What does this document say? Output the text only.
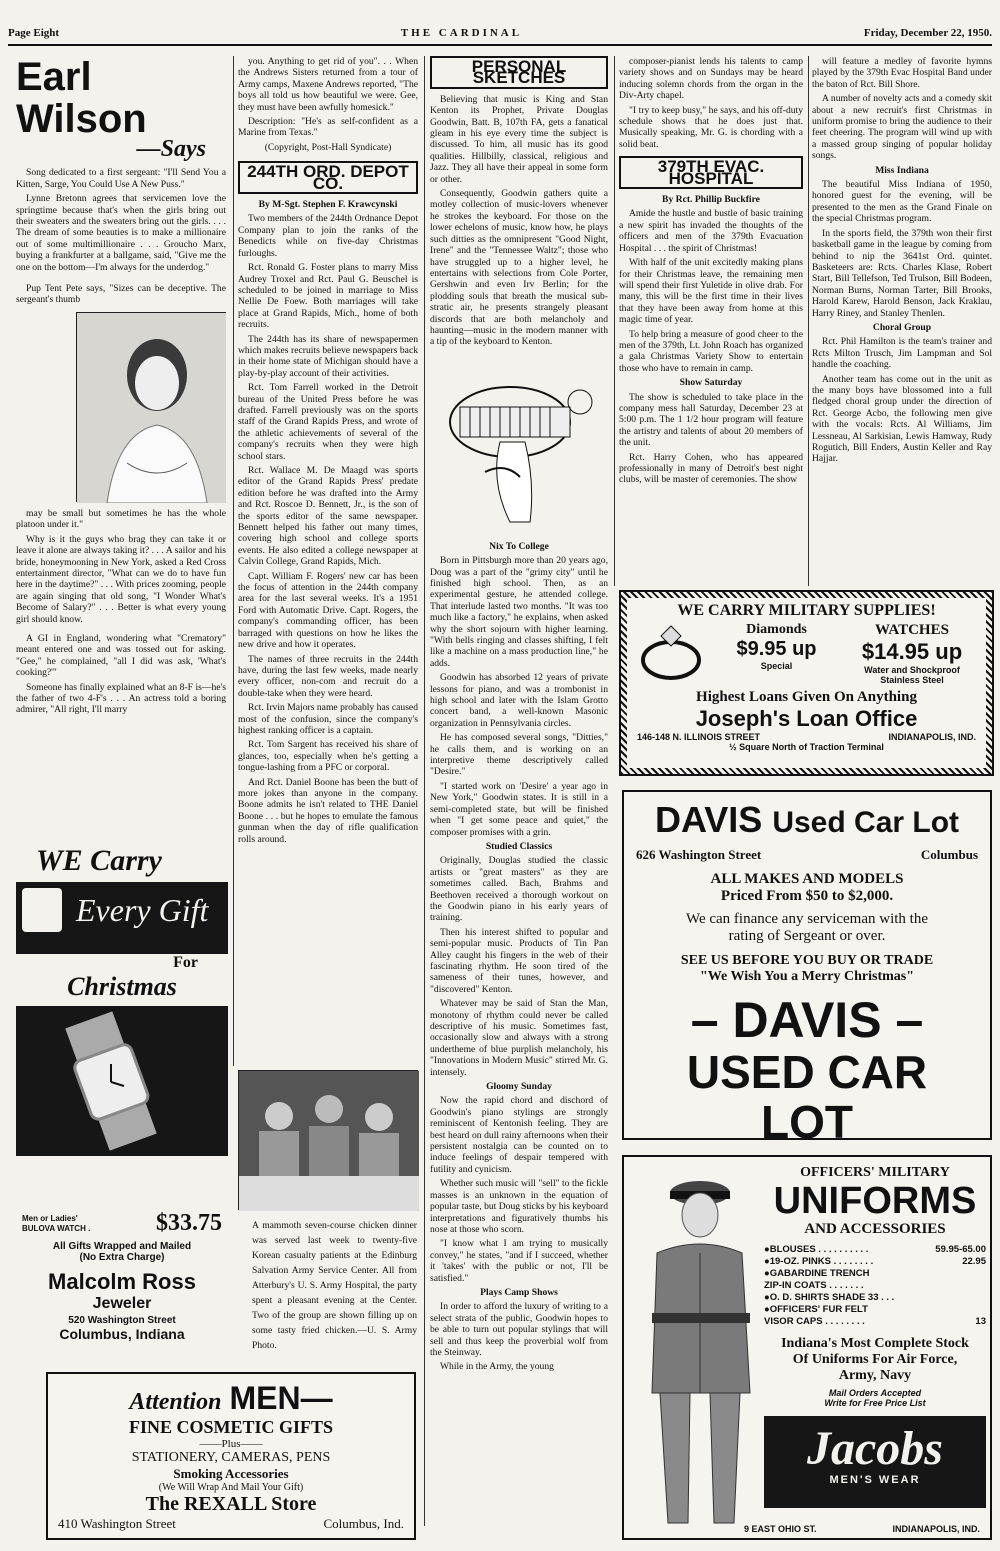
Page Eight	THE CARDINAL	Friday, December 22, 1950.
Earl Wilson
—Says

Song dedicated to a first sergeant: "I'll Send You a Kitten, Sarge, You Could Use A New Puss."

Lynne Bretonn agrees that servicemen love the springtime because that's when the girls bring out their sweaters and the sweaters bring out the girls. . . . The dream of some beauties is to make a millionaire out of some multimillionaire . . . Groucho Marx, buying a frankfurter at a ballgame, said, "Give me the one on the bottom—I'm always for the underdog."

Pup Tent Pete says, "Sizes can be deceptive. The sergeant's thumb

may be small but sometimes he has the whole platoon under it."

Why is it the guys who brag they can take it or leave it alone are always taking it? . . . A sailor and his bride, honeymooning in New York, asked a Red Cross entertainment director, "What can we do to have fun here in the daytime?" . . . With prices zooming, people are again singing that old song, "I Wonder What's Become of Salary?" . . . Better is what every young girl should know.

A GI in England, wondering what "Crematory" meant entered one and was tossed out for asking. "Gee," he complained, "all I did was ask, 'What's cooking?'"

Someone has finally explained what an 8-F is—he's the father of two 4-F's . . . An actress told a boring admirer, "All right, I'll marry

WE Carry
Every Gift
For
Christmas
Men or Ladies' BULOVA WATCH .	$33.75
All Gifts Wrapped and Mailed
(No Extra Charge)
Malcolm Ross
Jeweler
520 Washington Street
Columbus, Indiana

you. Anything to get rid of you". . . When the Andrews Sisters returned from a tour of Army camps, Maxene Andrews reported, "The boys all told us how beautiful we were. Gee, they must have been awfully homesick."

Description: "He's as self-confident as a Marine from Texas."

(Copyright, Post-Hall Syndicate)

244TH ORD. DEPOT CO.
By M-Sgt. Stephen F. Krawcynski

Two members of the 244th Ordnance Depot Company plan to join the ranks of the Benedicts while on five-day Christmas furloughs.

Rct. Ronald G. Foster plans to marry Miss Audrey Troxel and Rct. Paul G. Beuschel is scheduled to be joined in marriage to Miss Nellie De Foew. Both marriages will take place at Grand Rapids, Mich., home of both recruits.

The 244th has its share of newspapermen which makes recruits believe newspapers back in their home state of Michigan should have a play-by-play account of their activities.

Rct. Tom Farrell worked in the Detroit bureau of the United Press before he was drafted. Farrell previously was on the sports staff of the Grand Rapids Press, and wrote of the athletic achievements of several of the company's recruits when they were high school stars.

Rct. Wallace M. De Maagd was sports editor of the Grand Rapids Press' predate edition before he was drafted into the Army and Rct. Roscoe D. Bennett, Jr., is the son of the sports editor of the same newspaper. Bennett helped his father out many times, covering high school and college sports events. He also edited a college newspaper at Calvin College, Grand Rapids, Mich.

Capt. William F. Rogers' new car has been the focus of attention in the 244th company area for the last several weeks. It's a 1951 Ford with Automatic Drive. Capt. Rogers, the company's commanding officer, has been barraged with questions on how he likes the new drive and how it operates.

The names of three recruits in the 244th have, during the last few weeks, made nearly every officer, non-com and recruit do a double-take when they were heard.

Rct. Irvin Majors name probably has caused most of the confusion, since the company's highest ranking officer is a captain.

Rct. Tom Sargent has received his share of glances, too, especially when he's getting a tongue-lashing from a PFC or corporal.

And Rct. Daniel Boone has been the butt of more jokes than anyone in the company. Boone admits he isn't related to THE Daniel Boone . . . but he hopes to emulate the famous gunman when the day of rifle qualification rolls around.

A mammoth seven-course chicken dinner was served last week to twenty-five Korean casualty patients at the Edinburg Salvation Army Service Center. All from Atterbury's U. S. Army Hospital, the party spent a pleasant evening at the Center. Two of the group are shown filling up on some tasty fried chicken.—U. S. Army Photo.

PERSONAL SKETCHES

Believing that music is King and Stan Kenton its Prophet, Private Douglas Goodwin, Batt. B, 107th FA, gets a fanatical gleam in his eye every time the subject is discussed. To him, all music has its good qualities. Hillbilly, classical, religious and Jazz. They all have their appeal in some form or other.

Consequently, Goodwin gathers quite a motley collection of music-lovers whenever he strokes the keyboard. For those on the lower echelons of music, know how, he plays such ditties as the omnipresent "Good Night, Irene" and the "Tennessee Waltz"; those who have struggled up to a higher level, he entertains with selections from Cole Porter, Gershwin and even Irv Berlin; for the plodding souls that breath the musical sub-stratic air, he presents strangely pleasant discords that are both melancholy and haunting—music in the modern manner with a tip of the keyboard to Kenton.

Nix To College

Born in Pittsburgh more than 20 years ago, Doug was a part of the "grimy city" until he finished high school. Then, as an experimental gesture, he attended college. That interlude lasted two months. "It was too much like a factory," he explains, when asked why the short sojourn with higher learning. "With bells ringing and classes shifting, I felt like a machine on a mass production line," he adds.

Goodwin has absorbed 12 years of private lessons for piano, and was a trombonist in high school and later with the Islam Grotto concert band, a well-known Masonic organization in Pennsylvania circles.

He has composed several songs, "Ditties," he calls them, and is working on an interpretive theme descriptively called "Desire."

"I started work on 'Desire' a year ago in New York," Goodwin states. It is still in a semi-completed state, but will be finished when "I get some peace and quiet," the composer promises with a grin.

Studied Classics

Originally, Douglas studied the classic artists or "great masters" as they are sometimes called. Bach, Brahms and Beethoven received a thorough workout on the Goodwin piano in his early years of training.

Then his interest shifted to popular and semi-popular music. Products of Tin Pan Alley caught his fingers in the web of their fascinating rhythm. He soon tired of the sameness of their tunes, however, and "discovered" Kenton.

Whatever may be said of Stan the Man, monotony of rhythm could never be called descriptive of his music. Sometimes fast, occasionally slow and always with a strong undertheme of blue purplish melancholy, his "Innovations in Modern Music" stirred Mr. G. intensely.

Gloomy Sunday

Now the rapid chord and dischord of Goodwin's piano stylings are strongly reminiscent of Kentonish feeling. They are best heard on dull rainy afternoons when their persistent nostalgia can be counted on to induce feelings of despair tempered with futility and cynicism.

Whether such music will "sell" to the fickle masses is an unknown in the equation of popular taste, but Doug sticks by his keyboard interpretations and figuratively thumbs his nose at those who scorn.

"I know what I am trying to musically convey," he states, "and if I succeed, whether it 'takes' with the public or not, I'll be satisfied."

Plays Camp Shows

In order to afford the luxury of writing to a select strata of the public, Goodwin hopes to be able to turn out popular stylings that will sell and thus keep the proverbial wolf from the Steinway.

While in the Army, the young

composer-pianist lends his talents to camp variety shows and on Sundays may be heard inducing solemn chords from the organ in the Div-Arty chapel.

"I try to keep busy," he says, and his off-duty schedule shows that he does just that. Musically speaking, Mr. G. is chording with a solid beat.

379TH EVAC. HOSPITAL
By Rct. Phillip Buckfire

Amide the hustle and bustle of basic training a new spirit has invaded the thoughts of the officers and men of the 379th Evacuation Hospital . . . the spirit of Christmas!

With half of the unit excitedly making plans for their Christmas leave, the remaining men will spend their first Yuletide in olive drab. For many, this will be the first time in their lives that they have been away from home at this magic time of year.

To help bring a measure of good cheer to the men of the 379th, Lt. John Roach has organized a gala Christmas Variety Show to entertain those who have to remain in camp.

Show Saturday

The show is scheduled to take place in the company mess hall Saturday, December 23 at 5:00 p.m. The 1 1/2 hour program will feature the artistry and talents of about 20 members of the unit.

Rct. Harry Cohen, who has appeared professionally in many of Detroit's best night clubs, will be master of ceremonies. The show

will feature a medley of favorite hymns played by the 379th Evac Hospital Band under the baton of Rct. Bill Shore.

A number of novelty acts and a comedy skit about a new recruit's first Christmas in uniform promise to bring the audience to their feet cheering. The program will wind up with a massed group singing of popular holiday songs.

Miss Indiana

The beautiful Miss Indiana of 1950, honored guest for the evening, will be presented to the men as the Grand Finale on the special Christmas program.

In the sports field, the 379th won their first basketball game in the league by coming from behind to nip the 3641st Ord. quintet. Basketeers are: Rcts. Charles Klase, Robert Start, Bill Tellefson, Ted Trulson, Bill Bodeen, Norman Burns, Norman Tarter, Bill Brooks, Harold Karew, Harold Benson, Jack Kraklau, Harry Riney, and Stanley Thenlen.

Choral Group

Rct. Phil Hamilton is the team's trainer and Rcts Milton Trusch, Jim Lampman and Sol handle the coaching.

Another team has come out in the unit as the many boys have blossomed into a full fledged choral group under the direction of Rct. George Acbo, the following men give with the vocals: Rcts. Al Williams, Jim Lessneau, Al Sarkisian, Lewis Hamway, Rudy Rogutich, Bill Enders, Austin Keller and Ray Hajjar.

WE CARRY MILITARY SUPPLIES!
Diamonds
$9.95 up
Special
WATCHES
$14.95 up
Water and Shockproof
Stainless Steel
Highest Loans Given On Anything
Joseph's Loan Office
146-148 N. ILLINOIS STREET	INDIANAPOLIS, IND.
½ Square North of Traction Terminal
DAVIS Used Car Lot
626 Washington Street	Columbus
ALL MAKES AND MODELS
Priced From $50 to $2,000.
We can finance any serviceman with the
rating of Sergeant or over.
SEE US BEFORE YOU BUY OR TRADE
"We Wish You a Merry Christmas"
– DAVIS –
USED CAR LOT
OFFICERS' MILITARY
UNIFORMS
AND ACCESSORIES
●BLOUSES . . . . . . . . . .	59.95-65.00
●19-OZ. PINKS . . . . . . . .	22.95
●GABARDINE TRENCH
ZIP-IN COATS . . . . . . .
●O. D. SHIRTS SHADE 33 . . .
●OFFICERS' FUR FELT
VISOR CAPS . . . . . . . .	13
Indiana's Most Complete Stock
Of Uniforms For Air Force,
Army, Navy
Mail Orders Accepted
Write for Free Price List
Jacobs
MEN'S WEAR
9 EAST OHIO ST.	INDIANAPOLIS, IND.
Attention MEN—
FINE COSMETIC GIFTS
——Plus——
STATIONERY, CAMERAS, PENS
Smoking Accessories
(We Will Wrap And Mail Your Gift)
The REXALL Store
410 Washington Street	Columbus, Ind.
